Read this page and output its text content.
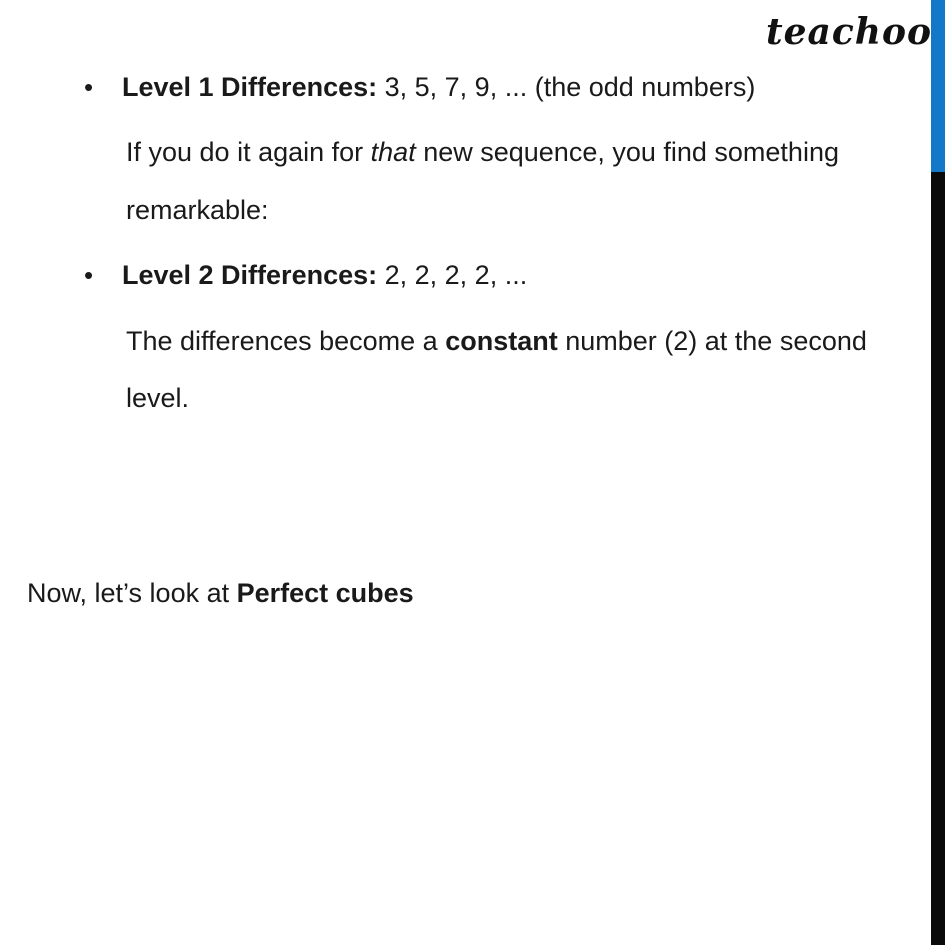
teachoo
• Level 1 Differences: 3, 5, 7, 9, ... (the odd numbers)
If you do it again for that new sequence, you find something
remarkable:
• Level 2 Differences: 2, 2, 2, 2, ...
The differences become a constant number (2) at the second
level.
Now, let’s look at Perfect cubes
